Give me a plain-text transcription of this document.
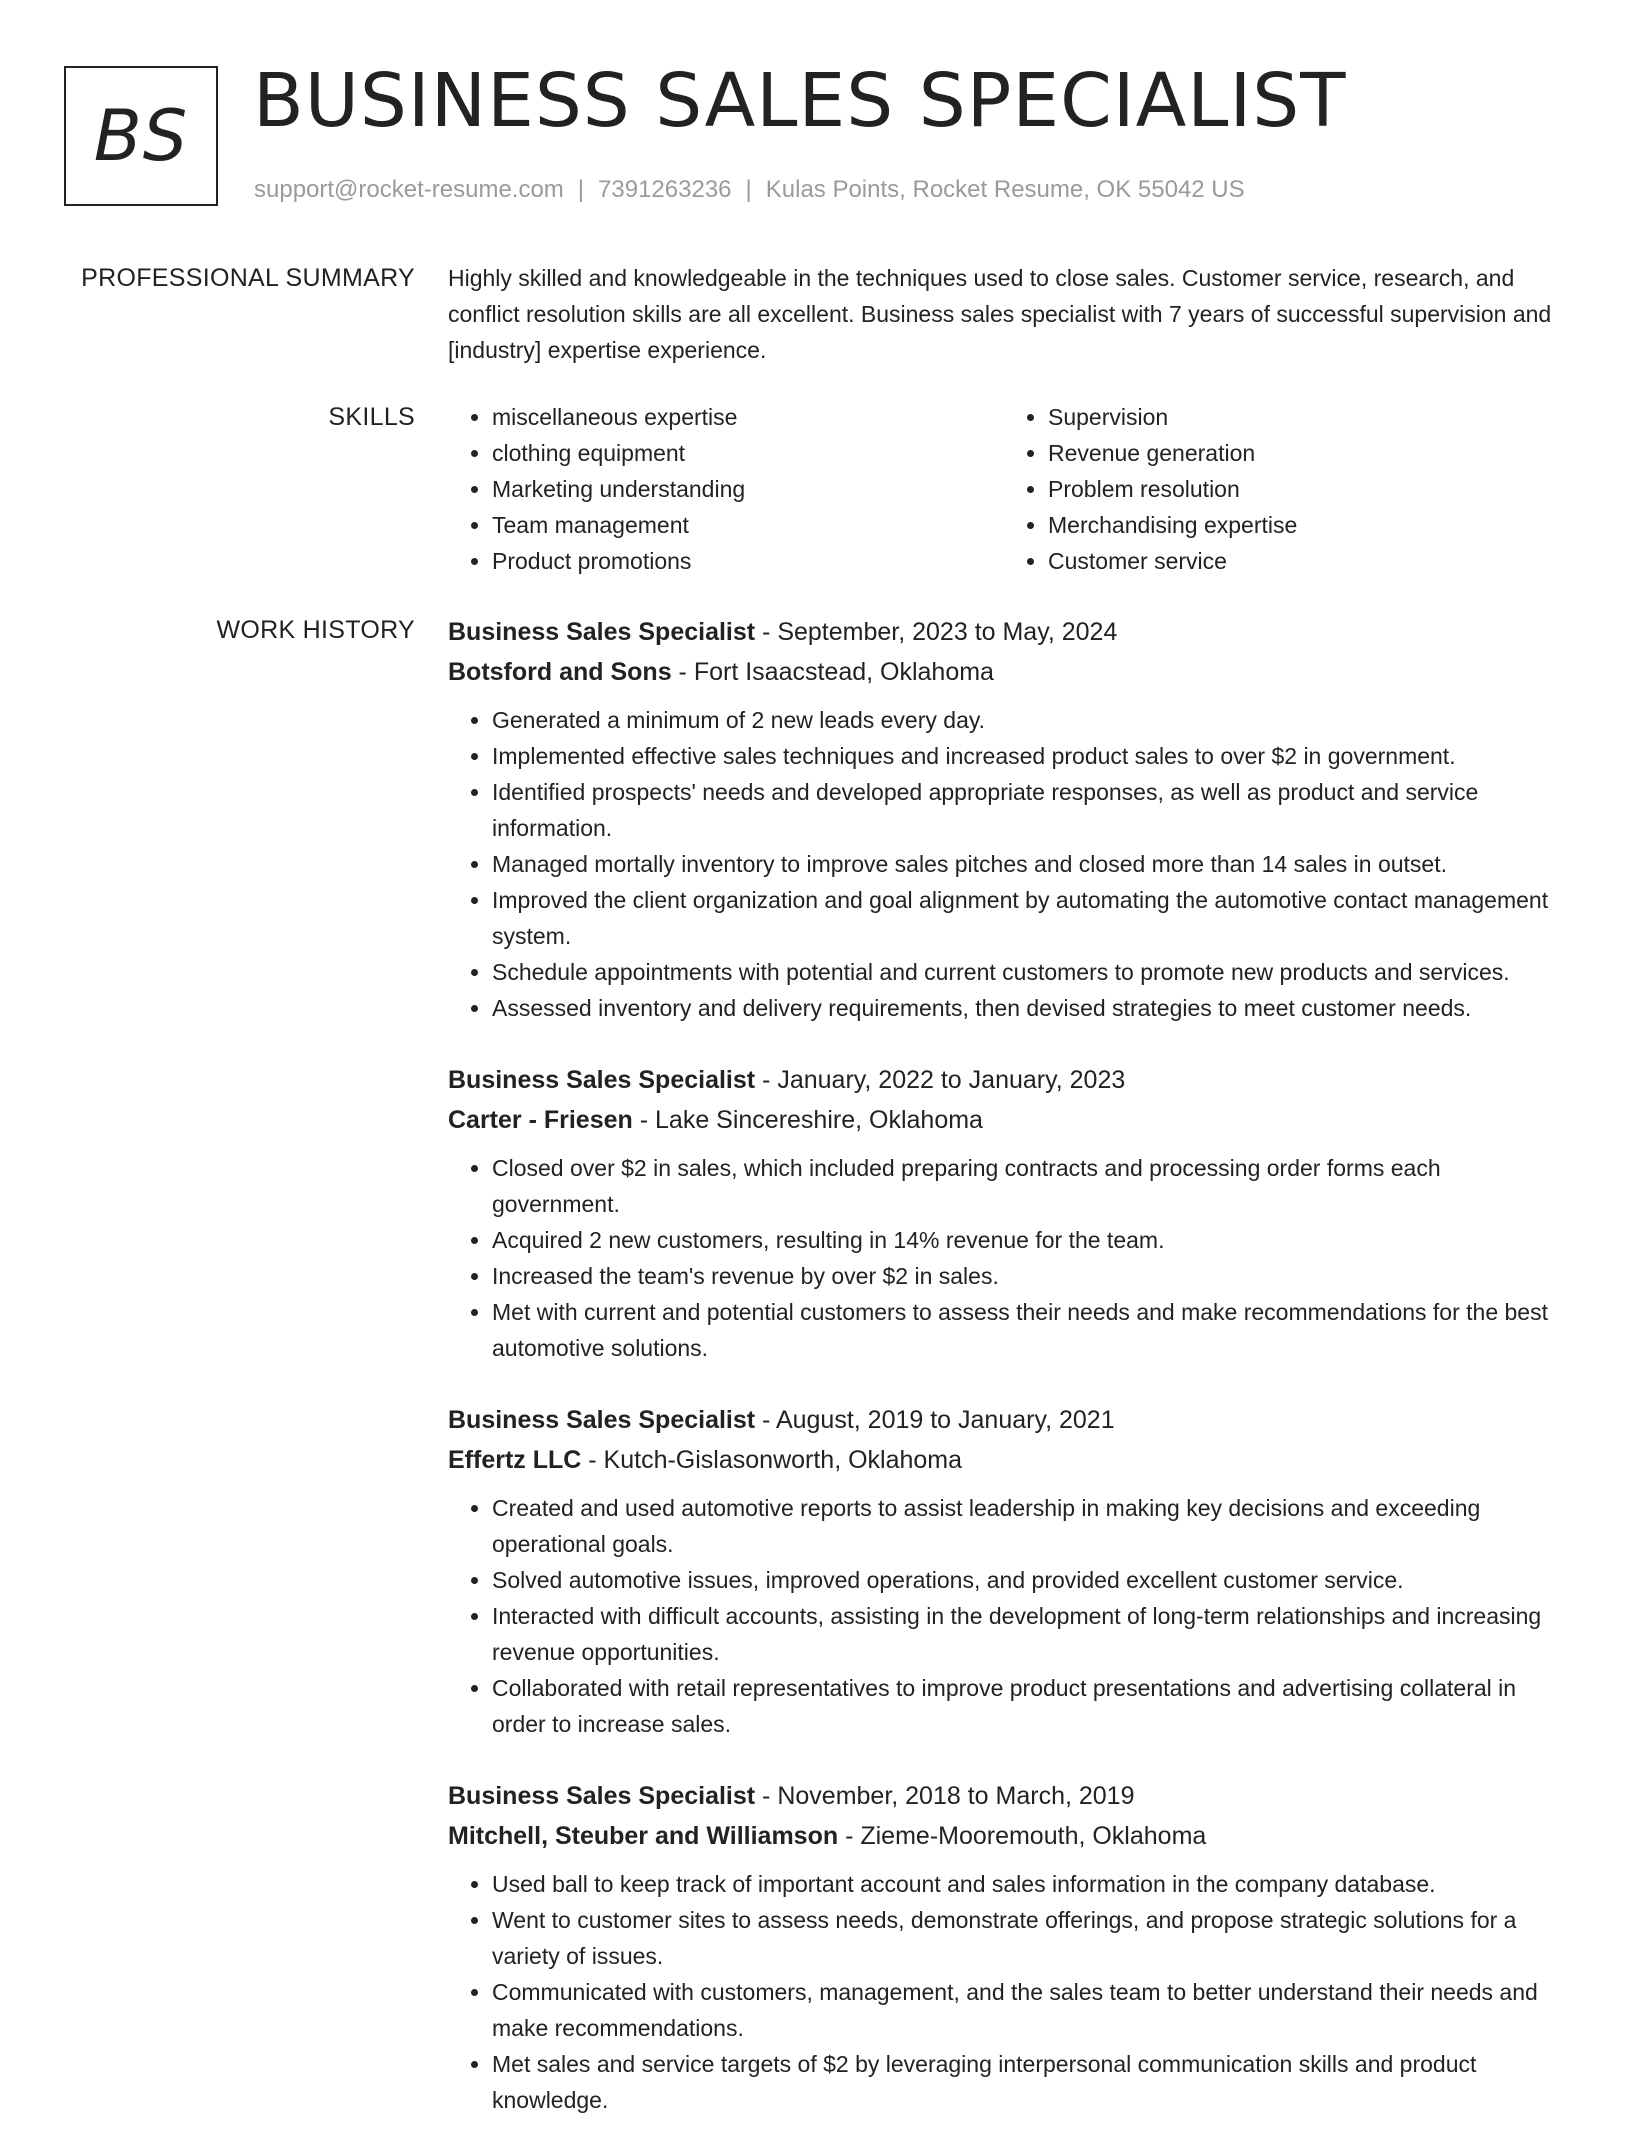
BS BUSINESS SALES SPECIALIST
support@rocket-resume.com | 7391263236 | Kulas Points, Rocket Resume, OK 55042 US
PROFESSIONAL SUMMARY Highly skilled and knowledgeable in the techniques used to close sales. Customer service, research, and conflict resolution skills are all excellent. Business sales specialist with 7 years of successful supervision and [industry] expertise experience.
SKILLS
•	miscellaneous expertise
• clothing equipment
• Marketing understanding
• Team management
• Product promotions
• Supervision
• Revenue generation
• Problem resolution
• Merchandising expertise
• Customer service
WORK HISTORY Business Sales Specialist - September, 2023 to May, 2024
Botsford and Sons - Fort Isaacstead, Oklahoma
• Generated a minimum of 2 new leads every day.
• Implemented effective sales techniques and increased product sales to over $2 in government.
• Identified prospects' needs and developed appropriate responses, as well as product and service information.
• Managed mortally inventory to improve sales pitches and closed more than 14 sales in outset.
• Improved the client organization and goal alignment by automating the automotive contact management system.
• Schedule appointments with potential and current customers to promote new products and services.
• Assessed inventory and delivery requirements, then devised strategies to meet customer needs.
Business Sales Specialist - January, 2022 to January, 2023
Carter - Friesen - Lake Sincereshire, Oklahoma
• Closed over $2 in sales, which included preparing contracts and processing order forms each government.
• Acquired 2 new customers, resulting in 14% revenue for the team.
• Increased the team's revenue by over $2 in sales.
• Met with current and potential customers to assess their needs and make recommendations for the best automotive solutions.
Business Sales Specialist - August, 2019 to January, 2021
Effertz LLC - Kutch-Gislasonworth, Oklahoma
• Created and used automotive reports to assist leadership in making key decisions and exceeding operational goals.
• Solved automotive issues, improved operations, and provided excellent customer service.
• Interacted with difficult accounts, assisting in the development of long-term relationships and increasing revenue opportunities.
• Collaborated with retail representatives to improve product presentations and advertising collateral in order to increase sales.
Business Sales Specialist - November, 2018 to March, 2019
Mitchell, Steuber and Williamson - Zieme-Mooremouth, Oklahoma
• Used ball to keep track of important account and sales information in the company database.
• Went to customer sites to assess needs, demonstrate offerings, and propose strategic solutions for a variety of issues.
• Communicated with customers, management, and the sales team to better understand their needs and make recommendations.
• Met sales and service targets of $2 by leveraging interpersonal communication skills and product knowledge.
